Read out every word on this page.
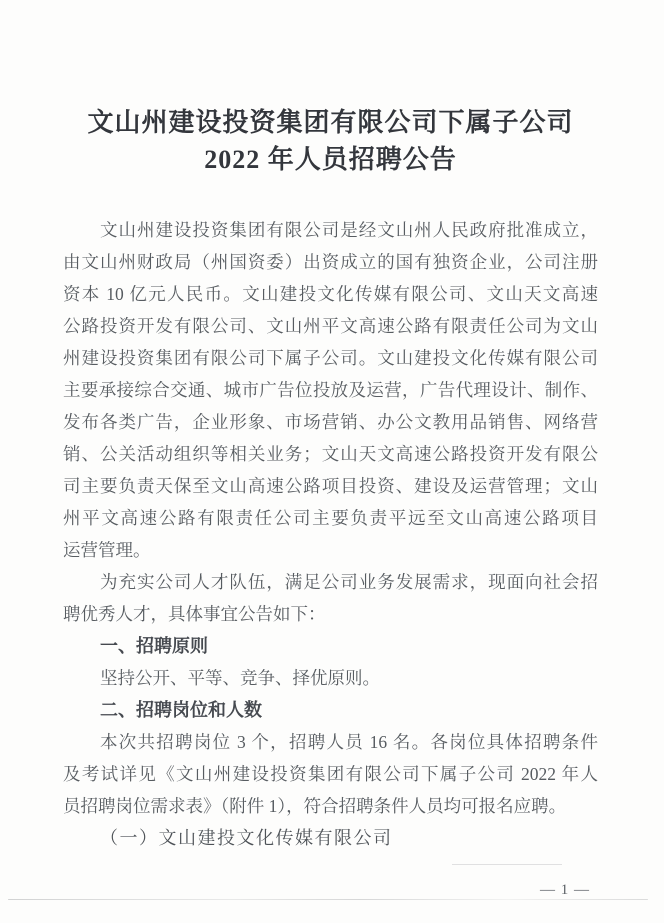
文山州建设投资集团有限公司下属子公司
2022 年人员招聘公告
文山州建设投资集团有限公司是经文山州人民政府批准成立，
由文山州财政局（州国资委）出资成立的国有独资企业，公司注册
资本 10 亿元人民币。文山建投文化传媒有限公司、文山天文高速
公路投资开发有限公司、文山州平文高速公路有限责任公司为文山
州建设投资集团有限公司下属子公司。文山建投文化传媒有限公司
主要承接综合交通、城市广告位投放及运营，广告代理设计、制作、
发布各类广告，企业形象、市场营销、办公文教用品销售、网络营
销、公关活动组织等相关业务；文山天文高速公路投资开发有限公
司主要负责天保至文山高速公路项目投资、建设及运营管理；文山
州平文高速公路有限责任公司主要负责平远至文山高速公路项目
运营管理。
为充实公司人才队伍，满足公司业务发展需求，现面向社会招
聘优秀人才，具体事宜公告如下：
一、招聘原则
坚持公开、平等、竞争、择优原则。
二、招聘岗位和人数
本次共招聘岗位 3 个，招聘人员 16 名。各岗位具体招聘条件
及考试详见《文山州建设投资集团有限公司下属子公司 2022 年人
员招聘岗位需求表》（附件 1），符合招聘条件人员均可报名应聘。
（一）文山建投文化传媒有限公司
— 1 —
